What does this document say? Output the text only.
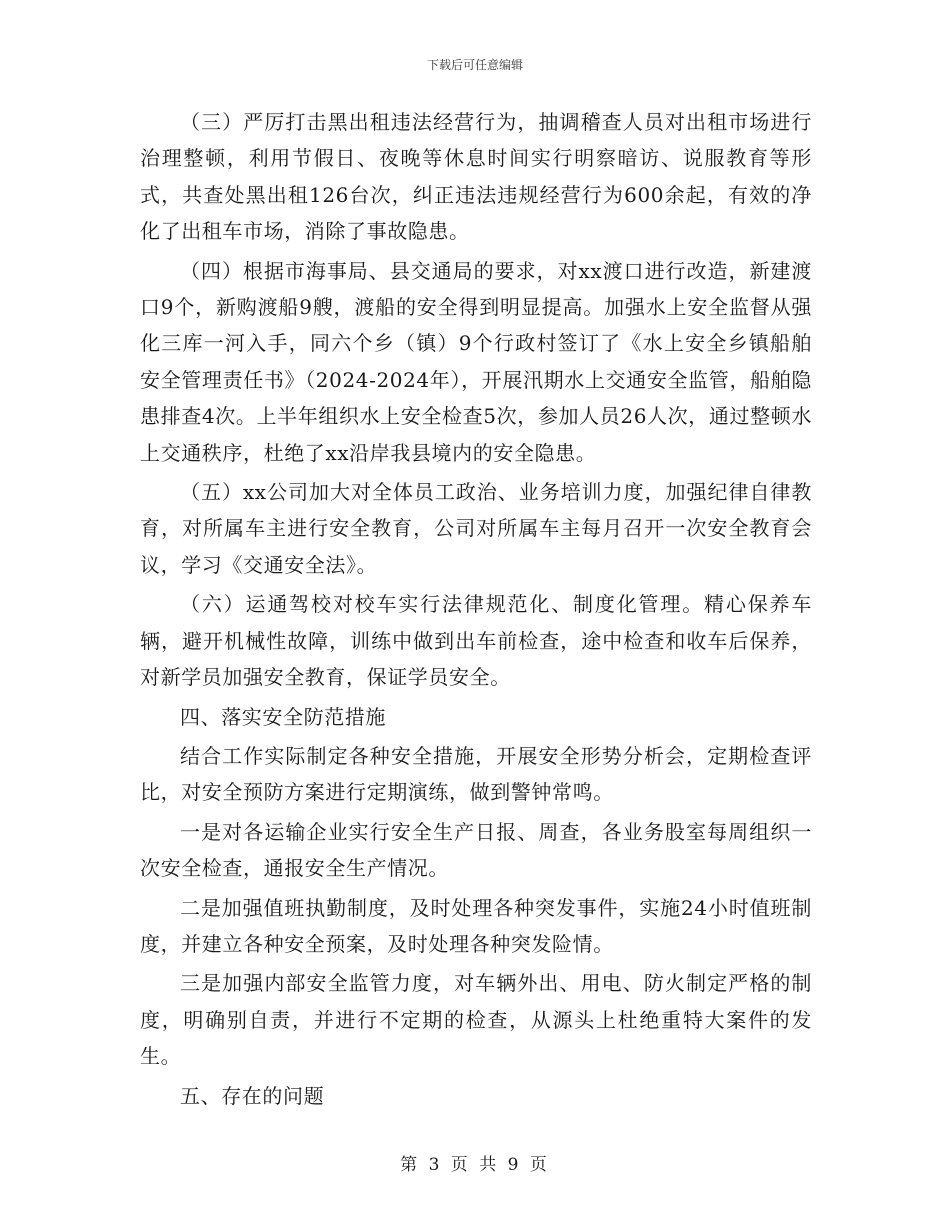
下载后可任意编辑

（三）严厉打击黑出租违法经营行为，抽调稽查人员对出租市场进行治理整顿，利用节假日、夜晚等休息时间实行明察暗访、说服教育等形式，共查处黑出租126台次，纠正违法违规经营行为600余起，有效的净化了出租车市场，消除了事故隐患。

（四）根据市海事局、县交通局的要求，对xx渡口进行改造，新建渡口9个，新购渡船9艘，渡船的安全得到明显提高。加强水上安全监督从强化三库一河入手，同六个乡（镇）9个行政村签订了《水上安全乡镇船舶安全管理责任书》（2024-2024年），开展汛期水上交通安全监管，船舶隐患排查4次。上半年组织水上安全检查5次，参加人员26人次，通过整顿水上交通秩序，杜绝了xx沿岸我县境内的安全隐患。

（五）xx公司加大对全体员工政治、业务培训力度，加强纪律自律教育，对所属车主进行安全教育，公司对所属车主每月召开一次安全教育会议，学习《交通安全法》。

（六）运通驾校对校车实行法律规范化、制度化管理。精心保养车辆，避开机械性故障，训练中做到出车前检查，途中检查和收车后保养，对新学员加强安全教育，保证学员安全。

四、落实安全防范措施

结合工作实际制定各种安全措施，开展安全形势分析会，定期检查评比，对安全预防方案进行定期演练，做到警钟常鸣。

一是对各运输企业实行安全生产日报、周查，各业务股室每周组织一次安全检查，通报安全生产情况。

二是加强值班执勤制度，及时处理各种突发事件，实施24小时值班制度，并建立各种安全预案，及时处理各种突发险情。

三是加强内部安全监管力度，对车辆外出、用电、防火制定严格的制度，明确别自责，并进行不定期的检查，从源头上杜绝重特大案件的发生。

五、存在的问题

第 3 页 共 9 页
